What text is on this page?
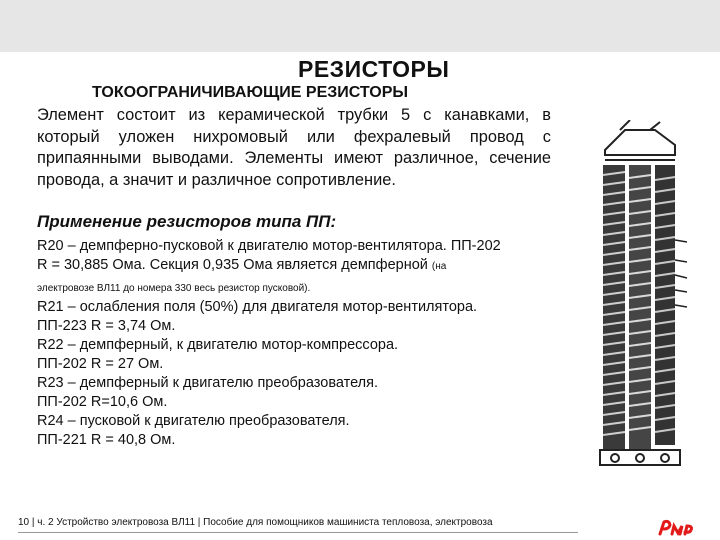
РЕЗИСТОРЫ
ТОКООГРАНИЧИВАЮЩИЕ РЕЗИСТОРЫ
Элемент состоит из керамической трубки 5 с канавками, в который уложен нихромовый или фехралевый провод с припаянными выводами. Элементы имеют различное, сечение провода, а значит и различное сопротивление.
Применение резисторов типа ПП:
R20 – демпферно-пусковой к двигателю мотор-вентилятора. ПП-202
R = 30,885 Ома. Секция 0,935 Ома является демпферной (на
электровозе ВЛ11 до номера 330 весь резистор пусковой).
R21 – ослабления поля (50%) для двигателя мотор-вентилятора.
ПП-223 R = 3,74 Ом.
R22 – демпферный, к двигателю мотор-компрессора.
ПП-202 R = 27 Ом.
R23 – демпферный к двигателю преобразователя.
ПП-202 R=10,6 Ом.
R24 – пусковой к двигателю преобразователя.
ПП-221 R = 40,8 Ом.
10 | ч. 2 Устройство электровоза ВЛ11 | Пособие для помощников машиниста тепловоза, электровоза
